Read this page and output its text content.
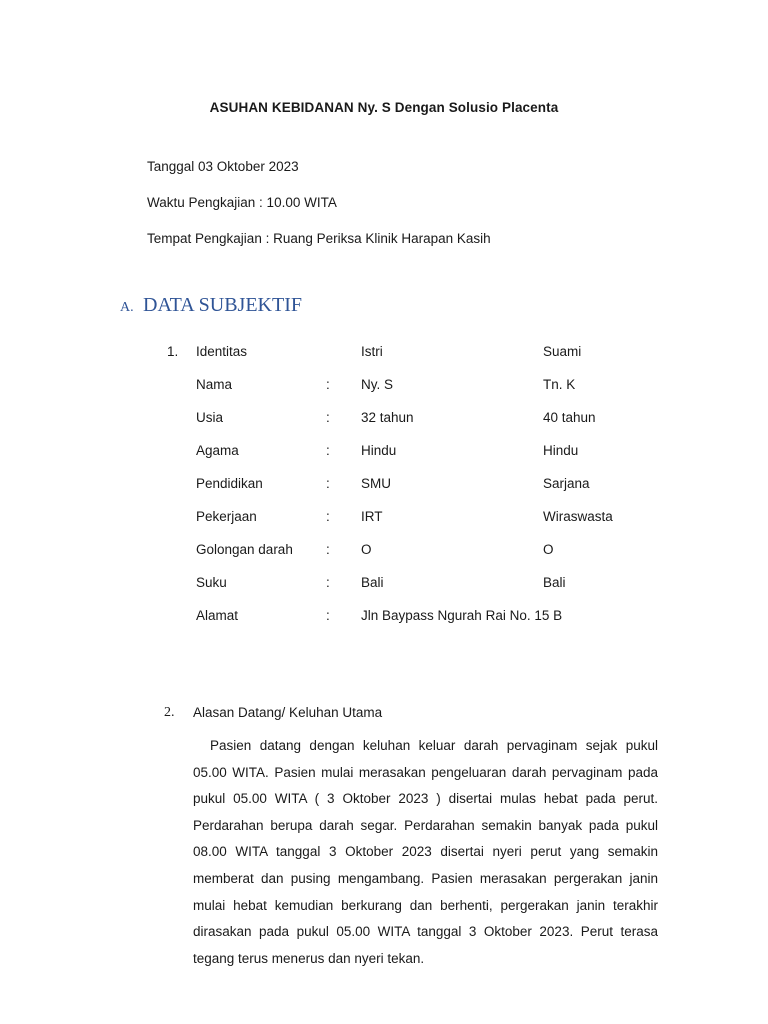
ASUHAN KEBIDANAN Ny. S Dengan Solusio Placenta
Tanggal 03 Oktober 2023
Waktu Pengkajian : 10.00 WITA
Tempat Pengkajian : Ruang Periksa Klinik Harapan Kasih
A. DATA SUBJEKTIF
1. Identitas	Istri	Suami
Nama	: Ny. S	Tn. K
Usia	: 32 tahun	40 tahun
Agama	: Hindu	Hindu
Pendidikan	: SMU	Sarjana
Pekerjaan	: IRT	Wiraswasta
Golongan darah : O	O
Suku	: Bali	Bali
Alamat	: Jln Baypass Ngurah Rai No. 15 B
2. Alasan Datang/ Keluhan Utama

Pasien datang dengan keluhan keluar darah pervaginam sejak pukul 05.00 WITA. Pasien mulai merasakan pengeluaran darah pervaginam pada pukul 05.00 WITA ( 3 Oktober 2023 ) disertai mulas hebat pada perut. Perdarahan berupa darah segar. Perdarahan semakin banyak pada pukul 08.00 WITA tanggal 3 Oktober 2023 disertai nyeri perut yang semakin memberat dan pusing mengambang. Pasien merasakan pergerakan janin mulai hebat kemudian berkurang dan berhenti, pergerakan janin terakhir dirasakan pada pukul 05.00 WITA tanggal 3 Oktober 2023. Perut terasa tegang terus menerus dan nyeri tekan.
